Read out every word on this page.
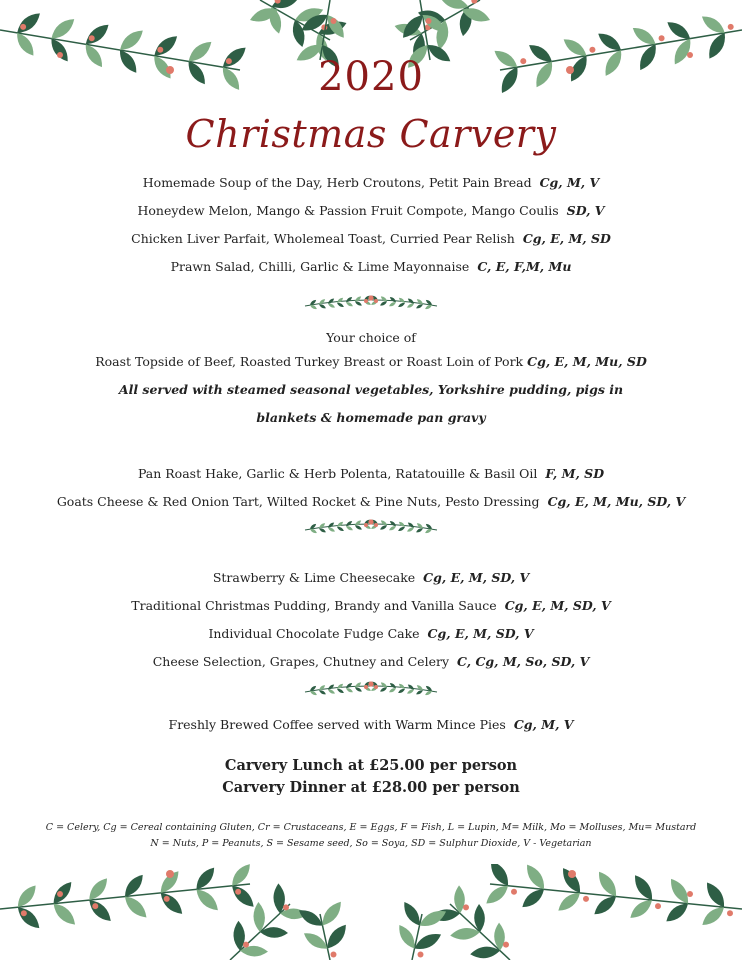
2020
Christmas Carvery
Homemade Soup of the Day, Herb Croutons, Petit Pain Bread Cg, M, V
Honeydew Melon, Mango & Passion Fruit Compote, Mango Coulis SD, V
Chicken Liver Parfait, Wholemeal Toast, Curried Pear Relish Cg, E, M, SD
Prawn Salad, Chilli, Garlic & Lime Mayonnaise C, E, F,M, Mu
Your choice of
Roast Topside of Beef, Roasted Turkey Breast or Roast Loin of Pork Cg, E, M, Mu, SD
All served with steamed seasonal vegetables, Yorkshire pudding, pigs in
blankets & homemade pan gravy
Pan Roast Hake, Garlic & Herb Polenta, Ratatouille & Basil Oil F, M, SD
Goats Cheese & Red Onion Tart, Wilted Rocket & Pine Nuts, Pesto Dressing Cg, E, M, Mu, SD, V
Strawberry & Lime Cheesecake Cg, E, M, SD, V
Traditional Christmas Pudding, Brandy and Vanilla Sauce Cg, E, M, SD, V
Individual Chocolate Fudge Cake Cg, E, M, SD, V
Cheese Selection, Grapes, Chutney and Celery C, Cg, M, So, SD, V
Freshly Brewed Coffee served with Warm Mince Pies Cg, M, V
Carvery Lunch at £25.00 per person
Carvery Dinner at £28.00 per person
C = Celery, Cg = Cereal containing Gluten, Cr = Crustaceans, E = Eggs, F = Fish, L = Lupin, M= Milk, Mo = Molluses, Mu= Mustard
N = Nuts, P = Peanuts, S = Sesame seed, So = Soya, SD = Sulphur Dioxide, V - Vegetarian
